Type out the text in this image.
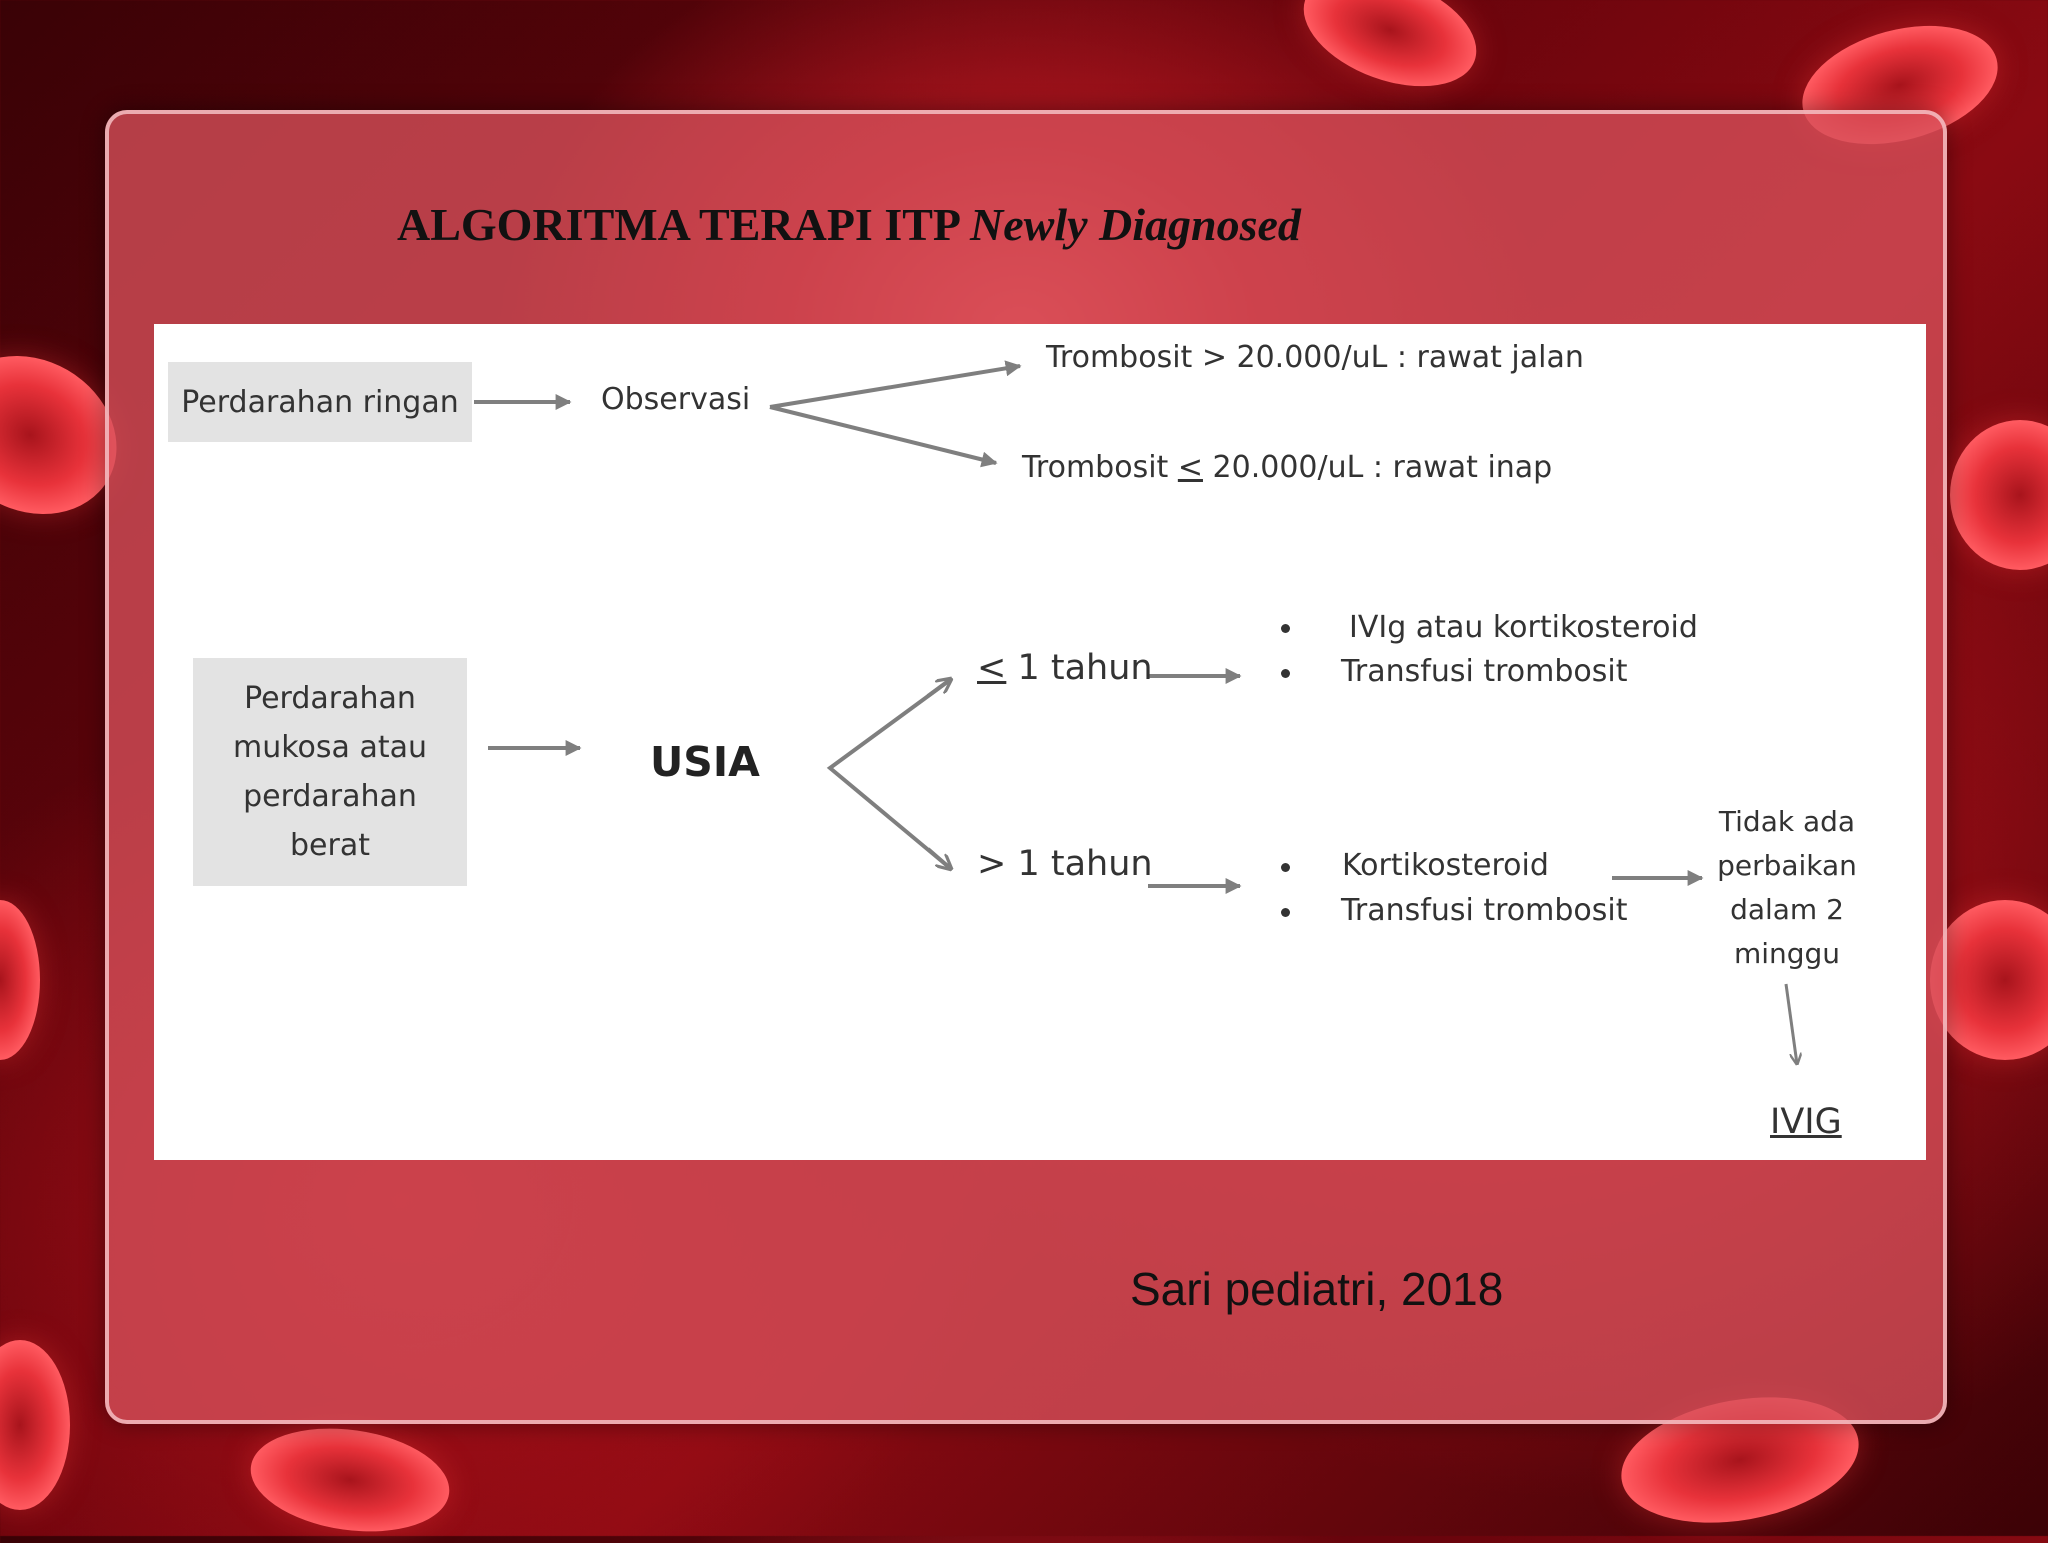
ALGORITMA TERAPI ITP Newly Diagnosed
Perdarahan ringan	Observasi
Trombosit > 20.000/uL : rawat jalan
Trombosit ≤ 20.000/uL : rawat inap
Perdarahan mukosa atau perdarahan berat
USIA
< 1 tahun
> 1 tahun
IVIg atau kortikosteroid
Transfusi trombosit
Kortikosteroid
Transfusi trombosit
Tidak ada perbaikan dalam 2 minggu
IVIG
Sari pediatri, 2018
